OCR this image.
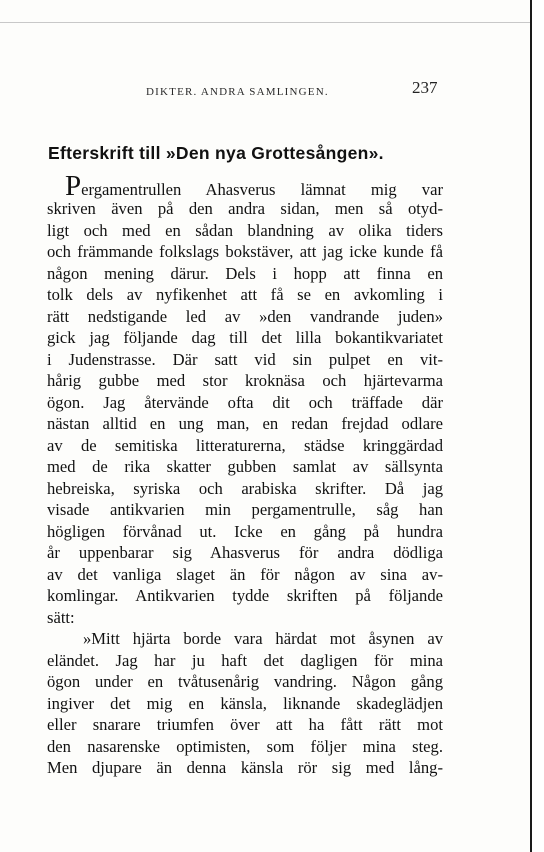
DIKTER. ANDRA SAMLINGEN.	237
Efterskrift till »Den nya Grottesången».
Pergamentrullen Ahasverus lämnat mig var
skriven även på den andra sidan, men så otyd-
ligt och med en sådan blandning av olika tiders
och främmande folkslags bokstäver, att jag icke kunde få
någon mening därur. Dels i hopp att finna en
tolk dels av nyfikenhet att få se en avkomling i
rätt nedstigande led av »den vandrande juden»
gick jag följande dag till det lilla bokantikvariatet
i Judenstrasse. Där satt vid sin pulpet en vit-
hårig gubbe med stor kroknäsa och hjärtevarma
ögon. Jag återvände ofta dit och träffade där
nästan alltid en ung man, en redan frejdad odlare
av de semitiska litteraturerna, städse kringgärdad
med de rika skatter gubben samlat av sällsynta
hebreiska, syriska och arabiska skrifter. Då jag
visade antikvarien min pergamentrulle, såg han
högligen förvånad ut. Icke en gång på hundra
år uppenbarar sig Ahasverus för andra dödliga
av det vanliga slaget än för någon av sina av-
komlingar. Antikvarien tydde skriften på följande
sätt:
»Mitt hjärta borde vara härdat mot åsynen av
eländet. Jag har ju haft det dagligen för mina
ögon under en tvåtusenårig vandring. Någon gång
ingiver det mig en känsla, liknande skadeglädjen
eller snarare triumfen över att ha fått rätt mot
den nasarenske optimisten, som följer mina steg.
Men djupare än denna känsla rör sig med lång-
